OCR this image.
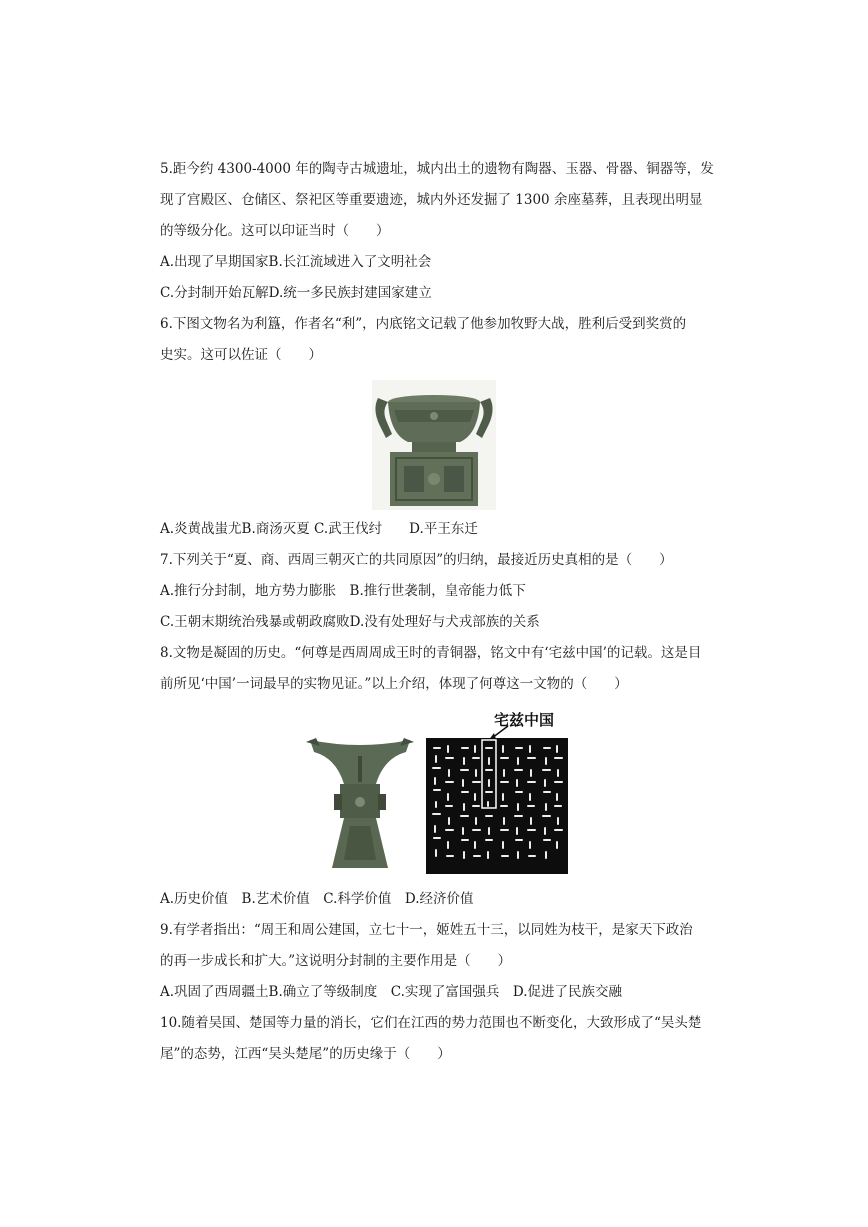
5.距今约 4300-4000 年的陶寺古城遗址，城内出土的遗物有陶器、玉器、骨器、铜器等，发
现了宫殿区、仓储区、祭祀区等重要遗迹，城内外还发掘了 1300 余座墓葬，且表现出明显
的等级分化。这可以印证当时（　　）
A.出现了早期国家B.长江流域进入了文明社会
C.分封制开始瓦解D.统一多民族封建国家建立
6.下图文物名为利簋，作者名“利”，内底铭文记载了他参加牧野大战，胜利后受到奖赏的
史实。这可以佐证（　　）
A.炎黄战蚩尤B.商汤灭夏 C.武王伐纣　　D.平王东迁
7.下列关于“夏、商、西周三朝灭亡的共同原因”的归纳，最接近历史真相的是（　　）
A.推行分封制，地方势力膨胀　B.推行世袭制，皇帝能力低下
C.王朝末期统治残暴或朝政腐败D.没有处理好与犬戎部族的关系
8.文物是凝固的历史。“何尊是西周周成王时的青铜器，铭文中有‘宅兹中国’的记载。这是目
前所见‘中国’一词最早的实物见证。”以上介绍，体现了何尊这一文物的（　　）
宅兹中国
A.历史价值　B.艺术价值　C.科学价值　D.经济价值
9.有学者指出：“周王和周公建国，立七十一，姬姓五十三，以同姓为枝干，是家天下政治
的再一步成长和扩大。”这说明分封制的主要作用是（　　）
A.巩固了西周疆土B.确立了等级制度　C.实现了富国强兵　D.促进了民族交融
10.随着吴国、楚国等力量的消长，它们在江西的势力范围也不断变化，大致形成了“吴头楚
尾”的态势，江西“吴头楚尾”的历史缘于（　　）
